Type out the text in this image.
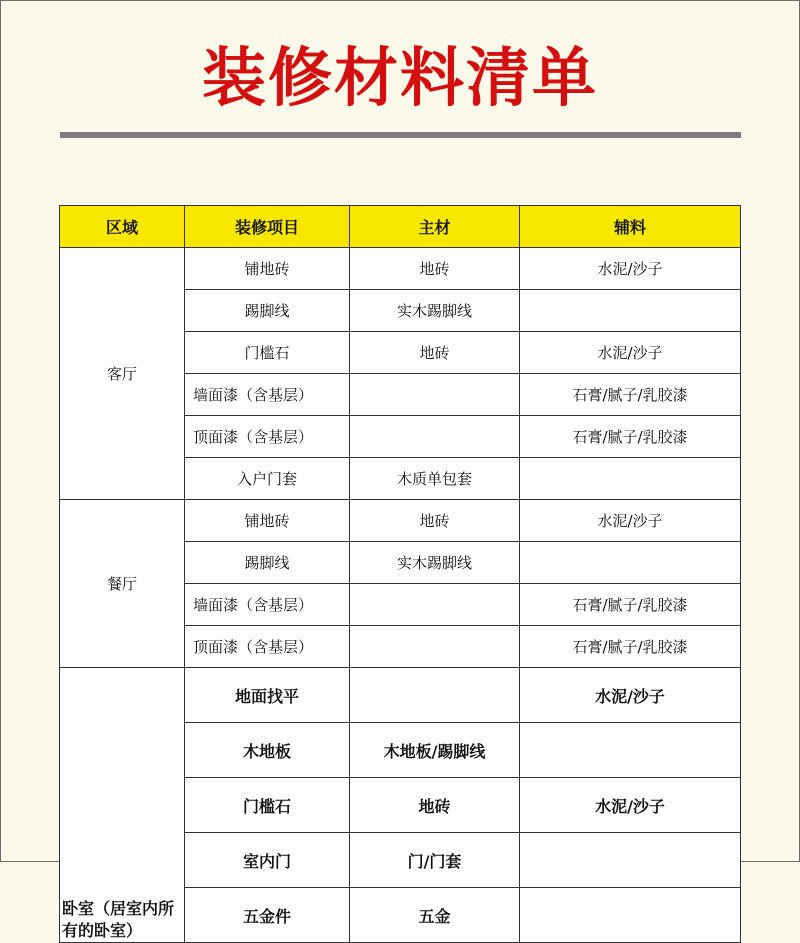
装修材料清单
区域	装修项目	主材	辅料
客厅	铺地砖	地砖	水泥/沙子
	踢脚线	实木踢脚线	
	门槛石	地砖	水泥/沙子
	墙面漆（含基层）		石膏/腻子/乳胶漆
	顶面漆（含基层）		石膏/腻子/乳胶漆
	入户门套	木质单包套	
餐厅	铺地砖	地砖	水泥/沙子
	踢脚线	实木踢脚线	
	墙面漆（含基层）		石膏/腻子/乳胶漆
	顶面漆（含基层）		石膏/腻子/乳胶漆
卧室（居室内所有的卧室）	地面找平		水泥/沙子
	木地板	木地板/踢脚线	
	门槛石	地砖	水泥/沙子
	室内门	门/门套	
	五金件	五金	
